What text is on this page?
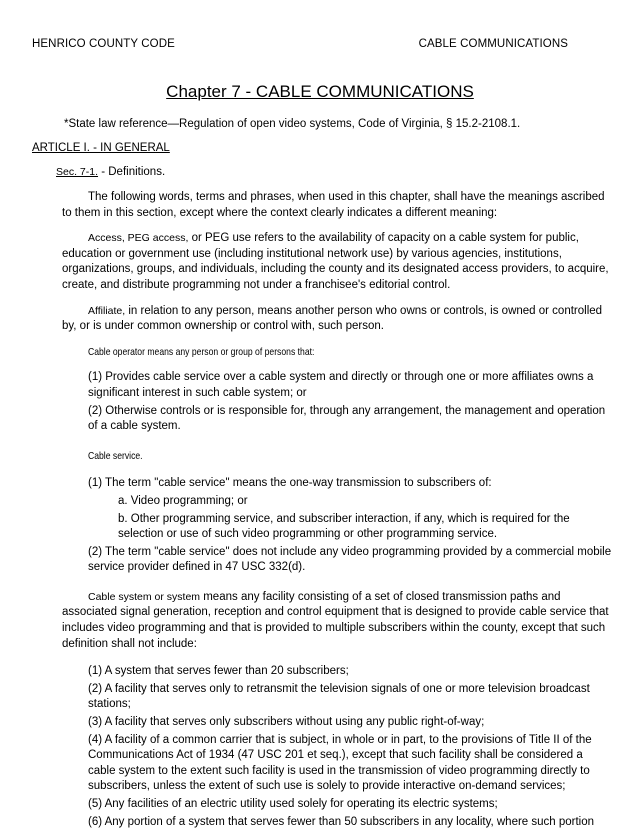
HENRICO COUNTY CODE	CABLE COMMUNICATIONS
Chapter 7 - CABLE COMMUNICATIONS
*State law reference—Regulation of open video systems, Code of Virginia, § 15.2-2108.1.
ARTICLE I. - IN GENERAL
Sec. 7-1. - Definitions.

The following words, terms and phrases, when used in this chapter, shall have the meanings ascribed to them in this section, except where the context clearly indicates a different meaning:

Access, PEG access, or PEG use refers to the availability of capacity on a cable system for public, education or government use (including institutional network use) by various agencies, institutions, organizations, groups, and individuals, including the county and its designated access providers, to acquire, create, and distribute programming not under a franchisee's editorial control.

Affiliate, in relation to any person, means another person who owns or controls, is owned or controlled by, or is under common ownership or control with, such person.

Cable operator means any person or group of persons that:

(1) Provides cable service over a cable system and directly or through one or more affiliates owns a significant interest in such cable system; or

(2) Otherwise controls or is responsible for, through any arrangement, the management and operation of a cable system.

Cable service.

(1) The term "cable service" means the one-way transmission to subscribers of:

a. Video programming; or

b. Other programming service, and subscriber interaction, if any, which is required for the selection or use of such video programming or other programming service.

(2) The term "cable service" does not include any video programming provided by a commercial mobile service provider defined in 47 USC 332(d).

Cable system or system means any facility consisting of a set of closed transmission paths and associated signal generation, reception and control equipment that is designed to provide cable service that includes video programming and that is provided to multiple subscribers within the county, except that such definition shall not include:

(1) A system that serves fewer than 20 subscribers;

(2) A facility that serves only to retransmit the television signals of one or more television broadcast stations;

(3) A facility that serves only subscribers without using any public right-of-way;

(4) A facility of a common carrier that is subject, in whole or in part, to the provisions of Title II of the Communications Act of 1934 (47 USC 201 et seq.), except that such facility shall be considered a cable system to the extent such facility is used in the transmission of video programming directly to subscribers, unless the extent of such use is solely to provide interactive on-demand services;

(5) Any facilities of an electric utility used solely for operating its electric systems;

(6) Any portion of a system that serves fewer than 50 subscribers in any locality, where such portion
